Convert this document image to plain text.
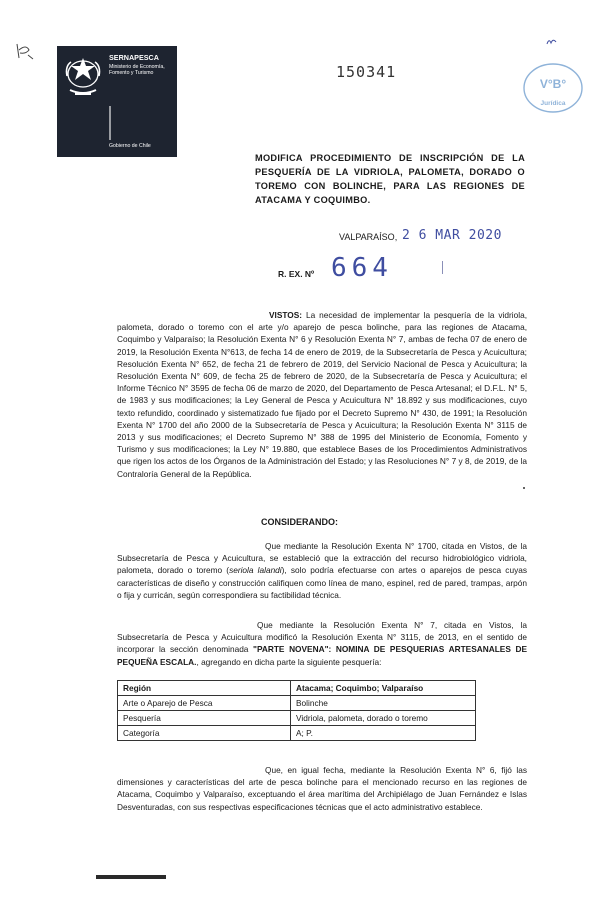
SERNAPESCA
Ministerio de Economía, Fomento y Turismo
Gobierno de Chile
150341
V°B°
Jurídica
MODIFICA PROCEDIMIENTO DE INSCRIPCIÓN DE LA PESQUERÍA DE LA VIDRIOLA, PALOMETA, DORADO O TOREMO CON BOLINCHE, PARA LAS REGIONES DE ATACAMA Y COQUIMBO.
VALPARAÍSO, 2 6 MAR 2020
R. EX. Nº 664
VISTOS: La necesidad de implementar la pesquería de la vidriola, palometa, dorado o toremo con el arte y/o aparejo de pesca bolinche, para las regiones de Atacama, Coquimbo y Valparaíso; la Resolución Exenta N° 6 y Resolución Exenta N° 7, ambas de fecha 07 de enero de 2019, la Resolución Exenta N°613, de fecha 14 de enero de 2019, de la Subsecretaría de Pesca y Acuicultura; Resolución Exenta N° 652, de fecha 21 de febrero de 2019, del Servicio Nacional de Pesca y Acuicultura; la Resolución Exenta N° 609, de fecha 25 de febrero de 2020, de la Subsecretaría de Pesca y Acuicultura; el Informe Técnico N° 3595 de fecha 06 de marzo de 2020, del Departamento de Pesca Artesanal; el D.F.L. N° 5, de 1983 y sus modificaciones; la Ley General de Pesca y Acuicultura N° 18.892 y sus modificaciones, cuyo texto refundido, coordinado y sistematizado fue fijado por el Decreto Supremo N° 430, de 1991; la Resolución Exenta N° 1700 del año 2000 de la Subsecretaría de Pesca y Acuicultura; la Resolución Exenta N° 3115 de 2013 y sus modificaciones; el Decreto Supremo N° 388 de 1995 del Ministerio de Economía, Fomento y Turismo y sus modificaciones; la Ley N° 19.880, que establece Bases de los Procedimientos Administrativos que rigen los actos de los Órganos de la Administración del Estado; y las Resoluciones N° 7 y 8, de 2019, de la Contraloría General de la República.
CONSIDERANDO:
Que mediante la Resolución Exenta N° 1700, citada en Vistos, de la Subsecretaría de Pesca y Acuicultura, se estableció que la extracción del recurso hidrobiológico vidriola, palometa, dorado o toremo (seriola lalandi), solo podría efectuarse con artes o aparejos de pesca cuyas características de diseño y construcción califiquen como línea de mano, espinel, red de pared, trampas, arpón o fija y curricán, según correspondiera su factibilidad técnica.
Que mediante la Resolución Exenta N° 7, citada en Vistos, la Subsecretaría de Pesca y Acuicultura modificó la Resolución Exenta N° 3115, de 2013, en el sentido de incorporar la sección denominada "PARTE NOVENA": NOMINA DE PESQUERIAS ARTESANALES DE PEQUEÑA ESCALA., agregando en dicha parte la siguiente pesquería:
Región	Atacama; Coquimbo; Valparaíso
Arte o Aparejo de Pesca	Bolinche
Pesquería	Vidriola, palometa, dorado o toremo
Categoría	A; P.
Que, en igual fecha, mediante la Resolución Exenta N° 6, fijó las dimensiones y características del arte de pesca bolinche para el mencionado recurso en las regiones de Atacama, Coquimbo y Valparaíso, exceptuando el área marítima del Archipiélago de Juan Fernández e Islas Desventuradas, con sus respectivas especificaciones técnicas que el acto administrativo establece.
